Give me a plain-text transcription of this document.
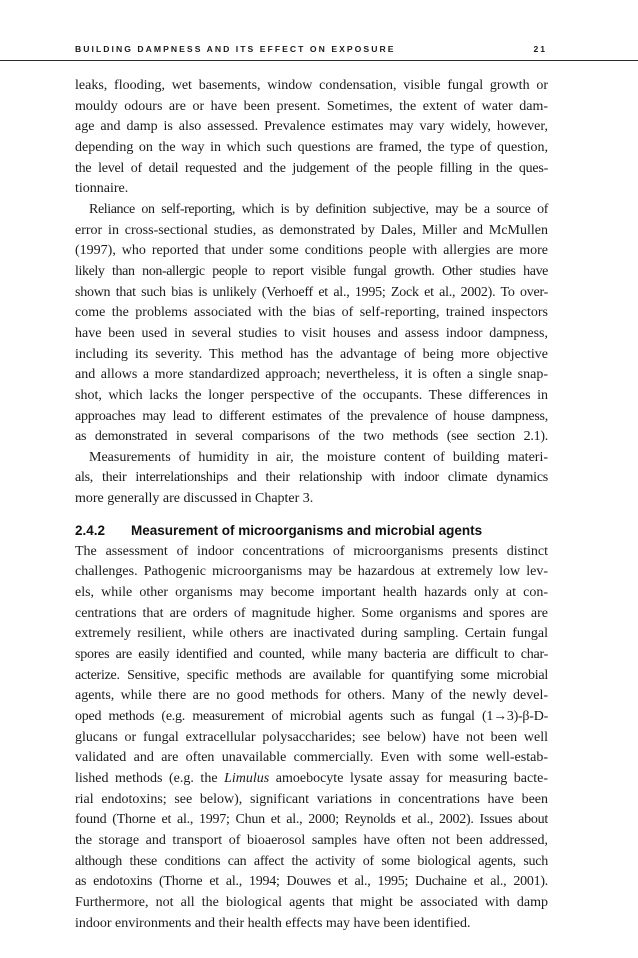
BUILDING DAMPNESS AND ITS EFFECT ON EXPOSURE	21
leaks, flooding, wet basements, window condensation, visible fungal growth or
mouldy odours are or have been present. Sometimes, the extent of water dam-
age and damp is also assessed. Prevalence estimates may vary widely, however,
depending on the way in which such questions are framed, the type of question,
the level of detail requested and the judgement of the people filling in the ques-
tionnaire.
Reliance on self-reporting, which is by definition subjective, may be a source of
error in cross-sectional studies, as demonstrated by Dales, Miller and McMullen
(1997), who reported that under some conditions people with allergies are more
likely than non-allergic people to report visible fungal growth. Other studies have
shown that such bias is unlikely (Verhoeff et al., 1995; Zock et al., 2002). To over-
come the problems associated with the bias of self-reporting, trained inspectors
have been used in several studies to visit houses and assess indoor dampness,
including its severity. This method has the advantage of being more objective
and allows a more standardized approach; nevertheless, it is often a single snap-
shot, which lacks the longer perspective of the occupants. These differences in
approaches may lead to different estimates of the prevalence of house dampness,
as demonstrated in several comparisons of the two methods (see section 2.1).
Measurements of humidity in air, the moisture content of building materi-
als, their interrelationships and their relationship with indoor climate dynamics
more generally are discussed in Chapter 3.
2.4.2 Measurement of microorganisms and microbial agents
The assessment of indoor concentrations of microorganisms presents distinct
challenges. Pathogenic microorganisms may be hazardous at extremely low lev-
els, while other organisms may become important health hazards only at con-
centrations that are orders of magnitude higher. Some organisms and spores are
extremely resilient, while others are inactivated during sampling. Certain fungal
spores are easily identified and counted, while many bacteria are difficult to char-
acterize. Sensitive, specific methods are available for quantifying some microbial
agents, while there are no good methods for others. Many of the newly devel-
oped methods (e.g. measurement of microbial agents such as fungal (1→3)-β-D-
glucans or fungal extracellular polysaccharides; see below) have not been well
validated and are often unavailable commercially. Even with some well-estab-
lished methods (e.g. the Limulus amoebocyte lysate assay for measuring bacte-
rial endotoxins; see below), significant variations in concentrations have been
found (Thorne et al., 1997; Chun et al., 2000; Reynolds et al., 2002). Issues about
the storage and transport of bioaerosol samples have often not been addressed,
although these conditions can affect the activity of some biological agents, such
as endotoxins (Thorne et al., 1994; Douwes et al., 1995; Duchaine et al., 2001).
Furthermore, not all the biological agents that might be associated with damp
indoor environments and their health effects may have been identified.
